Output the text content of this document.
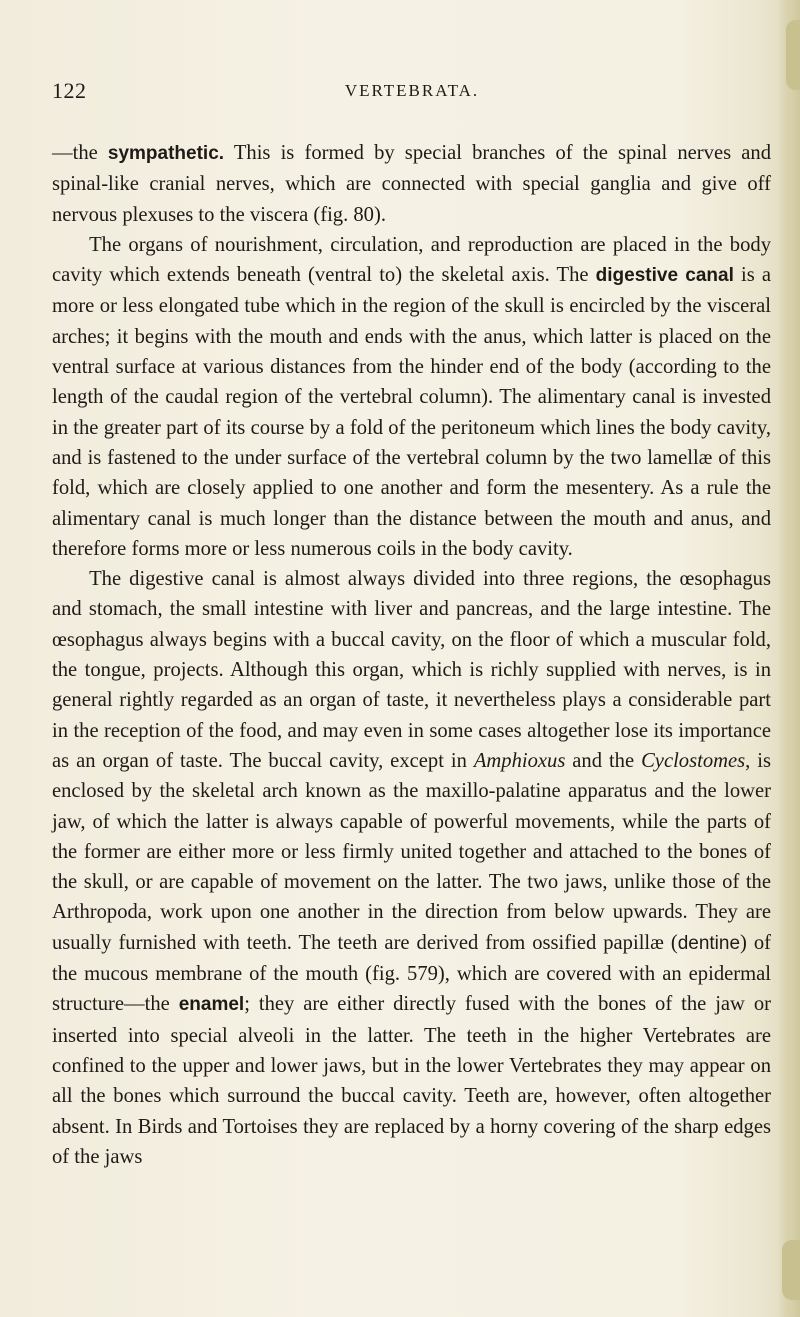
122	VERTEBRATA.

—the sympathetic. This is formed by special branches of the spinal nerves and spinal-like cranial nerves, which are connected with special ganglia and give off nervous plexuses to the viscera (fig. 80).

The organs of nourishment, circulation, and reproduction are placed in the body cavity which extends beneath (ventral to) the skeletal axis. The digestive canal is a more or less elongated tube which in the region of the skull is encircled by the visceral arches; it begins with the mouth and ends with the anus, which latter is placed on the ventral surface at various distances from the hinder end of the body (according to the length of the caudal region of the vertebral column). The alimentary canal is invested in the greater part of its course by a fold of the peritoneum which lines the body cavity, and is fastened to the under surface of the vertebral column by the two lamellæ of this fold, which are closely applied to one another and form the mesentery. As a rule the alimentary canal is much longer than the distance between the mouth and anus, and therefore forms more or less numerous coils in the body cavity.

The digestive canal is almost always divided into three regions, the œsophagus and stomach, the small intestine with liver and pancreas, and the large intestine. The œsophagus always begins with a buccal cavity, on the floor of which a muscular fold, the tongue, projects. Although this organ, which is richly supplied with nerves, is in general rightly regarded as an organ of taste, it nevertheless plays a considerable part in the reception of the food, and may even in some cases altogether lose its importance as an organ of taste. The buccal cavity, except in Amphioxus and the Cyclostomes, is enclosed by the skeletal arch known as the maxillo-palatine apparatus and the lower jaw, of which the latter is always capable of powerful movements, while the parts of the former are either more or less firmly united together and attached to the bones of the skull, or are capable of movement on the latter. The two jaws, unlike those of the Arthropoda, work upon one another in the direction from below upwards. They are usually furnished with teeth. The teeth are derived from ossified papillæ (dentine) of the mucous membrane of the mouth (fig. 579), which are covered with an epidermal structure—the enamel; they are either directly fused with the bones of the jaw or inserted into special alveoli in the latter. The teeth in the higher Vertebrates are confined to the upper and lower jaws, but in the lower Vertebrates they may appear on all the bones which surround the buccal cavity. Teeth are, however, often altogether absent. In Birds and Tortoises they are replaced by a horny covering of the sharp edges of the jaws
